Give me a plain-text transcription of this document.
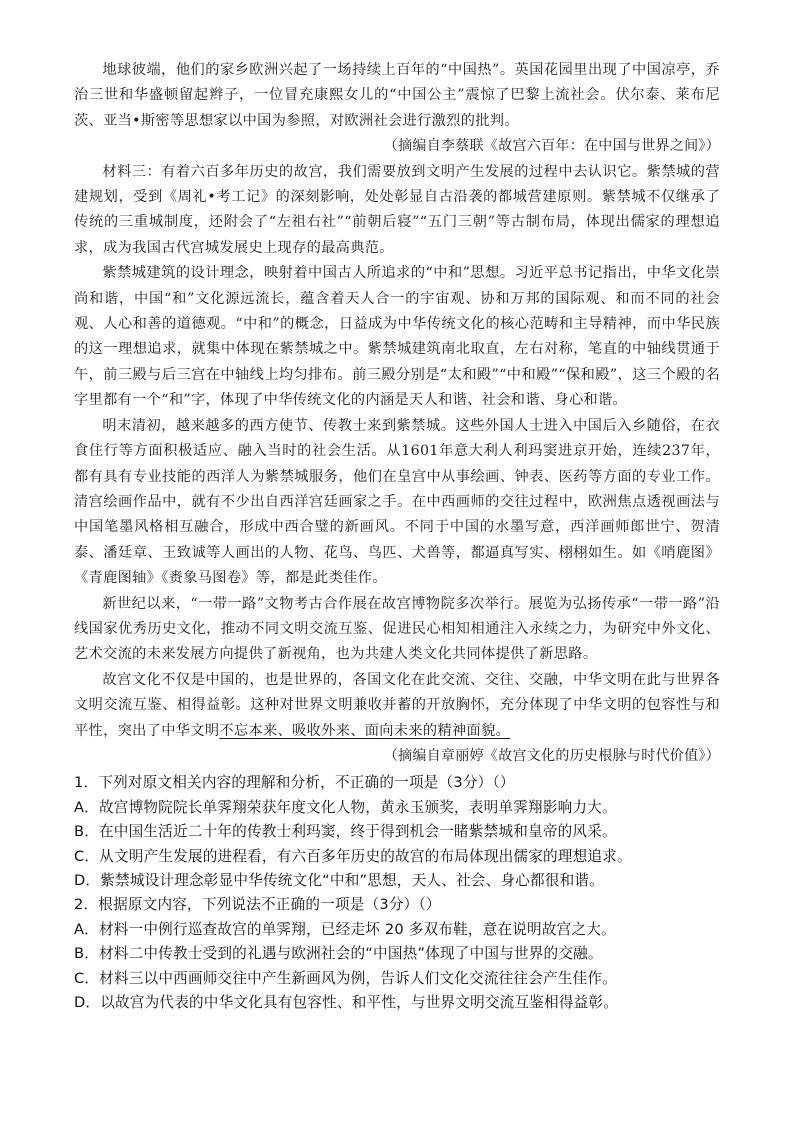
地球彼端，他们的家乡欧洲兴起了一场持续上百年的“中国热”。英国花园里出现了中国凉亭，乔治三世和华盛顿留起辫子，一位冒充康熙女儿的“中国公主”震惊了巴黎上流社会。伏尔泰、莱布尼茨、亚当•斯密等思想家以中国为参照，对欧洲社会进行激烈的批判。

（摘编自李蔡联《故宫六百年：在中国与世界之间》）

材料三：有着六百多年历史的故宫，我们需要放到文明产生发展的过程中去认识它。紫禁城的营建规划，受到《周礼•考工记》的深刻影响，处处彰显自古沿袭的都城营建原则。紫禁城不仅继承了传统的三重城制度，还附会了“左祖右社”“前朝后寝”“五门三朝”等古制布局，体现出儒家的理想追求，成为我国古代宫城发展史上现存的最高典范。

紫禁城建筑的设计理念，映射着中国古人所追求的“中和”思想。习近平总书记指出，中华文化崇尚和谐，中国“和”文化源远流长，蕴含着天人合一的宇宙观、协和万邦的国际观、和而不同的社会观、人心和善的道德观。“中和”的概念，日益成为中华传统文化的核心范畴和主导精神，而中华民族的这一理想追求，就集中体现在紫禁城之中。紫禁城建筑南北取直，左右对称，笔直的中轴线贯通于午，前三殿与后三宫在中轴线上均匀排布。前三殿分别是“太和殿”“中和殿”“保和殿”，这三个殿的名字里都有一个“和”字，体现了中华传统文化的内涵是天人和谐、社会和谐、身心和谐。

明末清初，越来越多的西方使节、传教士来到紫禁城。这些外国人士进入中国后入乡随俗，在衣食住行等方面积极适应、融入当时的社会生活。从1601年意大利人利玛窦进京开始，连续237年，都有具有专业技能的西洋人为紫禁城服务，他们在皇宫中从事绘画、钟表、医药等方面的专业工作。清宫绘画作品中，就有不少出自西洋宫廷画家之手。在中西画师的交往过程中，欧洲焦点透视画法与中国笔墨风格相互融合，形成中西合璧的新画风。不同于中国的水墨写意，西洋画师郎世宁、贺清泰、潘廷章、王致诚等人画出的人物、花鸟、鸟匹、犬兽等，都逼真写实、栩栩如生。如《哨鹿图》《青鹿图轴》《赉象马图卷》等，都是此类佳作。

新世纪以来，“一带一路”文物考古合作展在故宫博物院多次举行。展览为弘扬传承“一带一路”沿线国家优秀历史文化，推动不同文明交流互鉴、促进民心相知相通注入永续之力，为研究中外文化、艺术交流的未来发展方向提供了新视角，也为共建人类文化共同体提供了新思路。

故宫文化不仅是中国的，也是世界的，各国文化在此交流、交往、交融，中华文明在此与世界各文明交流互鉴、相得益彰。这种对世界文明兼收并蓄的开放胸怀，充分体现了中华文明的包容性与和平性，突出了中华文明不忘本来、吸收外来、面向未来的精神面貌。

（摘编自章丽婷《故宫文化的历史根脉与时代价值》）

1．下列对原文相关内容的理解和分析，不正确的一项是（3分）（）

A．故宫博物院院长单霁翔荣获年度文化人物，黄永玉颁奖，表明单霁翔影响力大。

B．在中国生活近二十年的传教士利玛窦，终于得到机会一睹紫禁城和皇帝的风采。

C．从文明产生发展的进程看，有六百多年历史的故宫的布局体现出儒家的理想追求。

D．紫禁城设计理念彰显中华传统文化“中和”思想，天人、社会、身心都很和谐。

2．根据原文内容，下列说法不正确的一项是（3分）（）

A．材料一中例行巡查故宫的单霁翔，已经走坏 20 多双布鞋，意在说明故宫之大。

B．材料二中传教士受到的礼遇与欧洲社会的“中国热”体现了中国与世界的交融。

C．材料三以中西画师交往中产生新画风为例，告诉人们文化交流往往会产生佳作。

D．以故宫为代表的中华文化具有包容性、和平性，与世界文明交流互鉴相得益彰。
